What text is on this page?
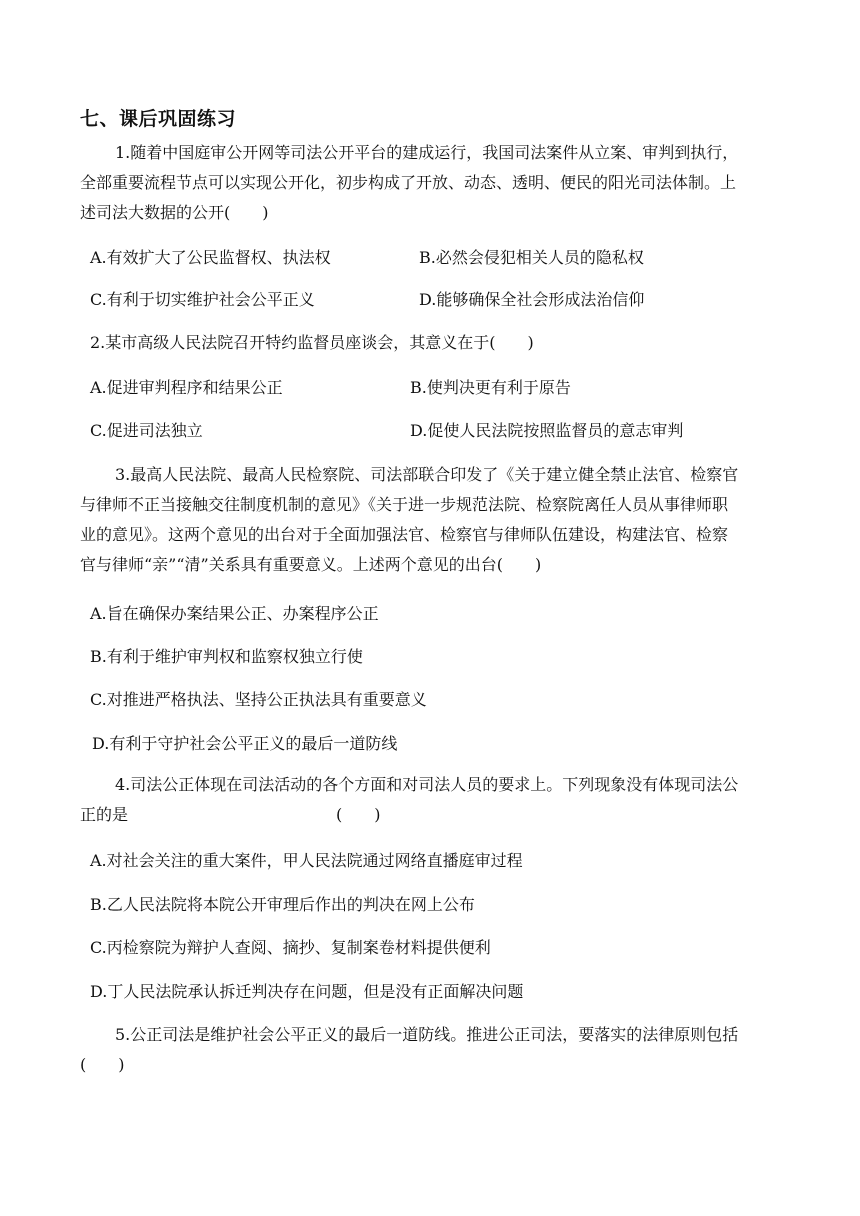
七、课后巩固练习
1.随着中国庭审公开网等司法公开平台的建成运行，我国司法案件从立案、审判到执行，
全部重要流程节点可以实现公开化，初步构成了开放、动态、透明、便民的阳光司法体制。上
述司法大数据的公开(　　)
A.有效扩大了公民监督权、执法权	B.必然会侵犯相关人员的隐私权
C.有利于切实维护社会公平正义	D.能够确保全社会形成法治信仰
2.某市高级人民法院召开特约监督员座谈会，其意义在于(　　)
A.促进审判程序和结果公正	B.使判决更有利于原告
C.促进司法独立	D.促使人民法院按照监督员的意志审判
3.最高人民法院、最高人民检察院、司法部联合印发了《关于建立健全禁止法官、检察官
与律师不正当接触交往制度机制的意见》《关于进一步规范法院、检察院离任人员从事律师职
业的意见》。这两个意见的出台对于全面加强法官、检察官与律师队伍建设，构建法官、检察
官与律师“亲”“清”关系具有重要意义。上述两个意见的出台(　　)
A.旨在确保办案结果公正、办案程序公正
B.有利于维护审判权和监察权独立行使
C.对推进严格执法、坚持公正执法具有重要意义
D.有利于守护社会公平正义的最后一道防线
4.司法公正体现在司法活动的各个方面和对司法人员的要求上。下列现象没有体现司法公
正的是　　　　　　　　　　　　　(　　)
A.对社会关注的重大案件，甲人民法院通过网络直播庭审过程
B.乙人民法院将本院公开审理后作出的判决在网上公布
C.丙检察院为辩护人查阅、摘抄、复制案卷材料提供便利
D.丁人民法院承认拆迁判决存在问题，但是没有正面解决问题
5.公正司法是维护社会公平正义的最后一道防线。推进公正司法，要落实的法律原则包括
(　　)
